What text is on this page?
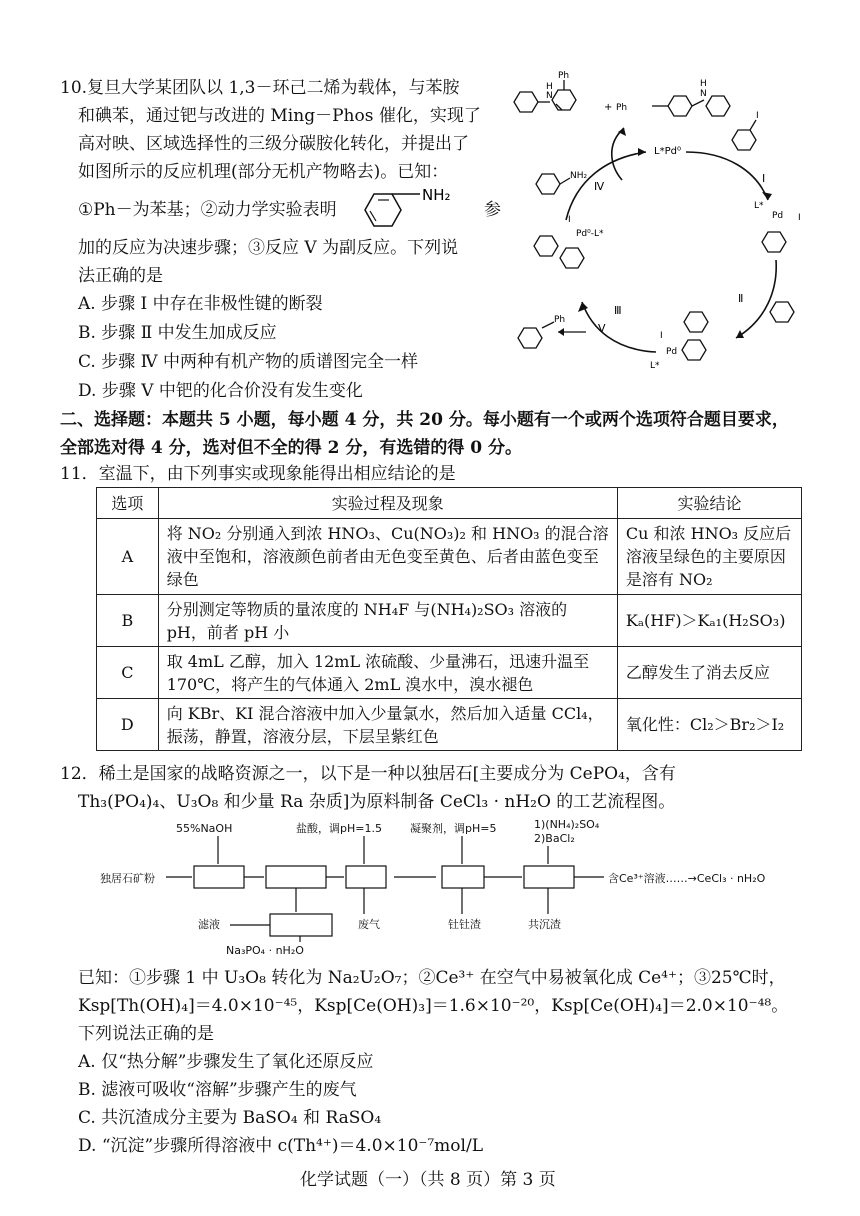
10.复旦大学某团队以 1,3－环己二烯为载体，与苯胺
和碘苯，通过钯与改进的 Ming－Phos 催化，实现了
高对映、区域选择性的三级分碳胺化转化，并提出了
如图所示的反应机理(部分无机产物略去)。已知：
①Ph－为苯基；②动力学实验表明
NH₂
参
加的反应为决速步骤；③反应 V 为副反应。下列说
法正确的是
A. 步骤 Ⅰ 中存在非极性键的断裂
B. 步骤 Ⅱ 中发生加成反应
C. 步骤 Ⅳ 中两种有机产物的质谱图完全一样
D. 步骤 V 中钯的化合价没有发生变化
N
H
Ph
+ Ph
N
H
L*Pd⁰
I
Ⅰ
L*
Pd I
Ⅱ
I
Pd
L*
Ⅲ
V
Ph
I
Pd⁰-L*
Ⅳ
NH₂
二、选择题：本题共 5 小题，每小题 4 分，共 20 分。每小题有一个或两个选项符合题目要求，
全部选对得 4 分，选对但不全的得 2 分，有选错的得 0 分。
11．室温下，由下列事实或现象能得出相应结论的是
选项	实验过程及现象	实验结论
A	将 NO₂ 分别通入到浓 HNO₃、Cu(NO₃)₂ 和 HNO₃ 的混合溶液中至饱和，溶液颜色前者由无色变至黄色、后者由蓝色变至绿色	Cu 和浓 HNO₃ 反应后溶液呈绿色的主要原因是溶有 NO₂
B	分别测定等物质的量浓度的 NH₄F 与(NH₄)₂SO₃ 溶液的 pH，前者 pH 小	Kₐ(HF)＞Kₐ₁(H₂SO₃)
C	取 4mL 乙醇，加入 12mL 浓硫酸、少量沸石，迅速升温至 170℃，将产生的气体通入 2mL 溴水中，溴水褪色	乙醇发生了消去反应
D	向 KBr、KI 混合溶液中加入少量氯水，然后加入适量 CCl₄，振荡，静置，溶液分层，下层呈紫红色	氧化性：Cl₂＞Br₂＞I₂
12．稀土是国家的战略资源之一，以下是一种以独居石[主要成分为 CePO₄，含有
Th₃(PO₄)₄、U₃O₈ 和少量 Ra 杂质]为原料制备 CeCl₃ · nH₂O 的工艺流程图。
55%NaOH	盐酸，调pH=1.5	凝聚剂，调pH=5	1)(NH₄)₂SO₄
2)BaCl₂
独居石矿粉	含Ce³⁺溶液……→CeCl₃ · nH₂O
滤液	废气	钍钍渣	共沉渣
Na₃PO₄ · nH₂O
已知：①步骤 1 中 U₃O₈ 转化为 Na₂U₂O₇；②Ce³⁺ 在空气中易被氧化成 Ce⁴⁺；③25℃时，
Ksp[Th(OH)₄]＝4.0×10⁻⁴⁵，Ksp[Ce(OH)₃]＝1.6×10⁻²⁰，Ksp[Ce(OH)₄]＝2.0×10⁻⁴⁸。
下列说法正确的是
A. 仅“热分解”步骤发生了氧化还原反应
B. 滤液可吸收“溶解”步骤产生的废气
C. 共沉渣成分主要为 BaSO₄ 和 RaSO₄
D. “沉淀”步骤所得溶液中 c(Th⁴⁺)＝4.0×10⁻⁷mol/L
化学试题（一）（共 8 页）第 3 页
